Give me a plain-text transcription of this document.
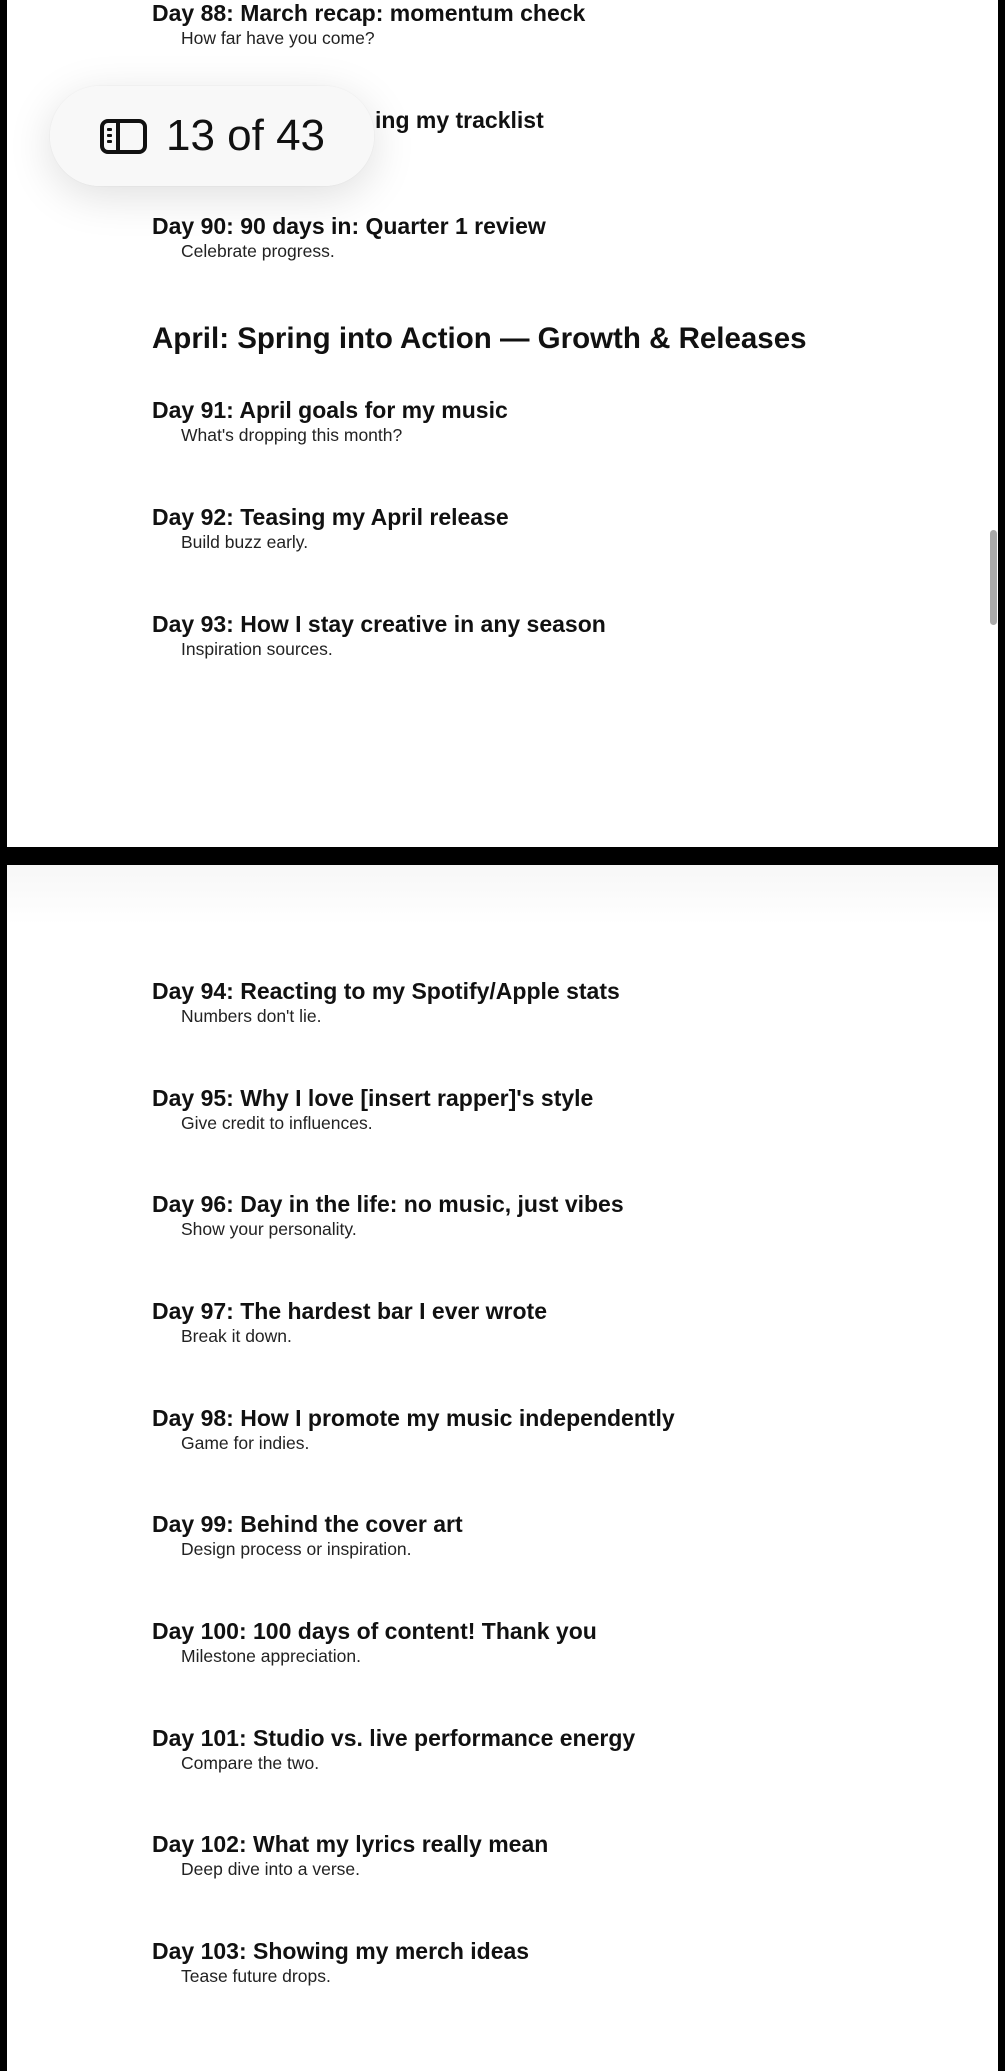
Day 88: March recap: momentum check
How far have you come?
ing my tracklist
Day 90: 90 days in: Quarter 1 review
Celebrate progress.
April: Spring into Action — Growth & Releases
Day 91: April goals for my music
What's dropping this month?
Day 92: Teasing my April release
Build buzz early.
Day 93: How I stay creative in any season
Inspiration sources.
Day 94: Reacting to my Spotify/Apple stats
Numbers don't lie.
Day 95: Why I love [insert rapper]'s style
Give credit to influences.
Day 96: Day in the life: no music, just vibes
Show your personality.
Day 97: The hardest bar I ever wrote
Break it down.
Day 98: How I promote my music independently
Game for indies.
Day 99: Behind the cover art
Design process or inspiration.
Day 100: 100 days of content! Thank you
Milestone appreciation.
Day 101: Studio vs. live performance energy
Compare the two.
Day 102: What my lyrics really mean
Deep dive into a verse.
Day 103: Showing my merch ideas
Tease future drops.
13 of 43
